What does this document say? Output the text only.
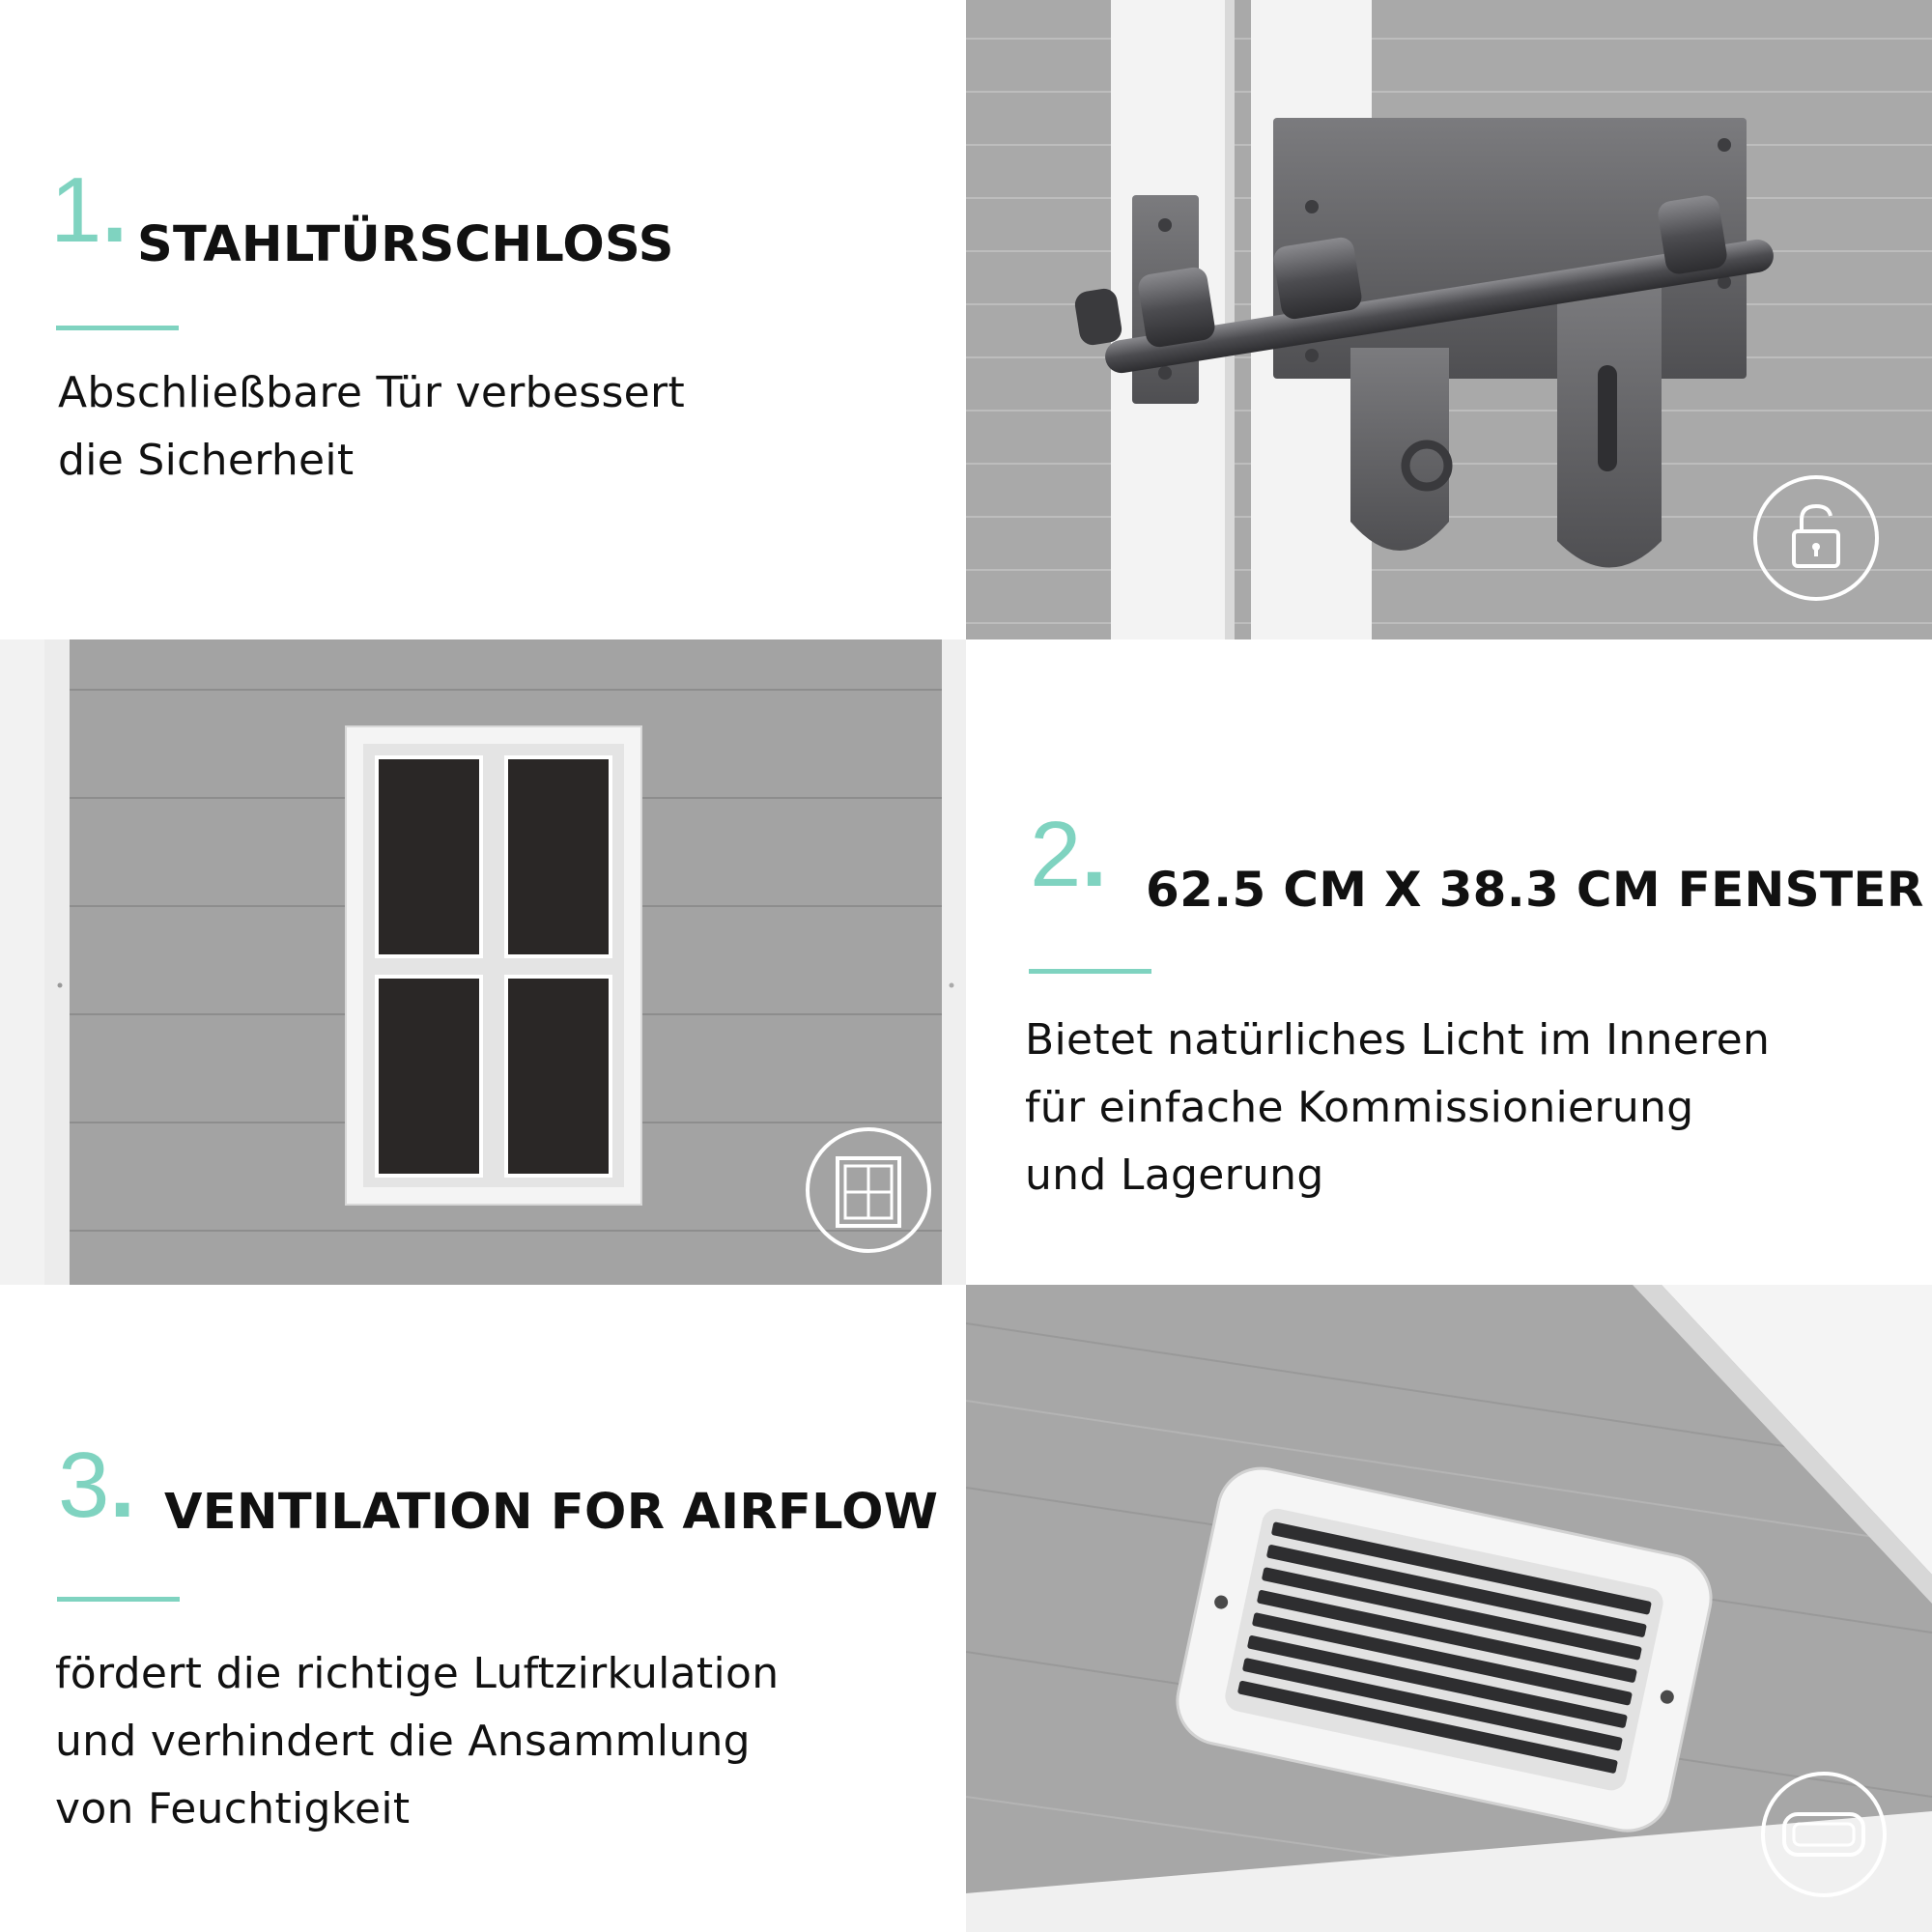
1. STAHLTÜRSCHLOSS
Abschließbare Tür verbessert
die Sicherheit
2. 62.5 CM X 38.3 CM FENSTER
Bietet natürliches Licht im Inneren
für einfache Kommissionierung
und Lagerung
3. VENTILATION FOR AIRFLOW
fördert die richtige Luftzirkulation
und verhindert die Ansammlung
von Feuchtigkeit
